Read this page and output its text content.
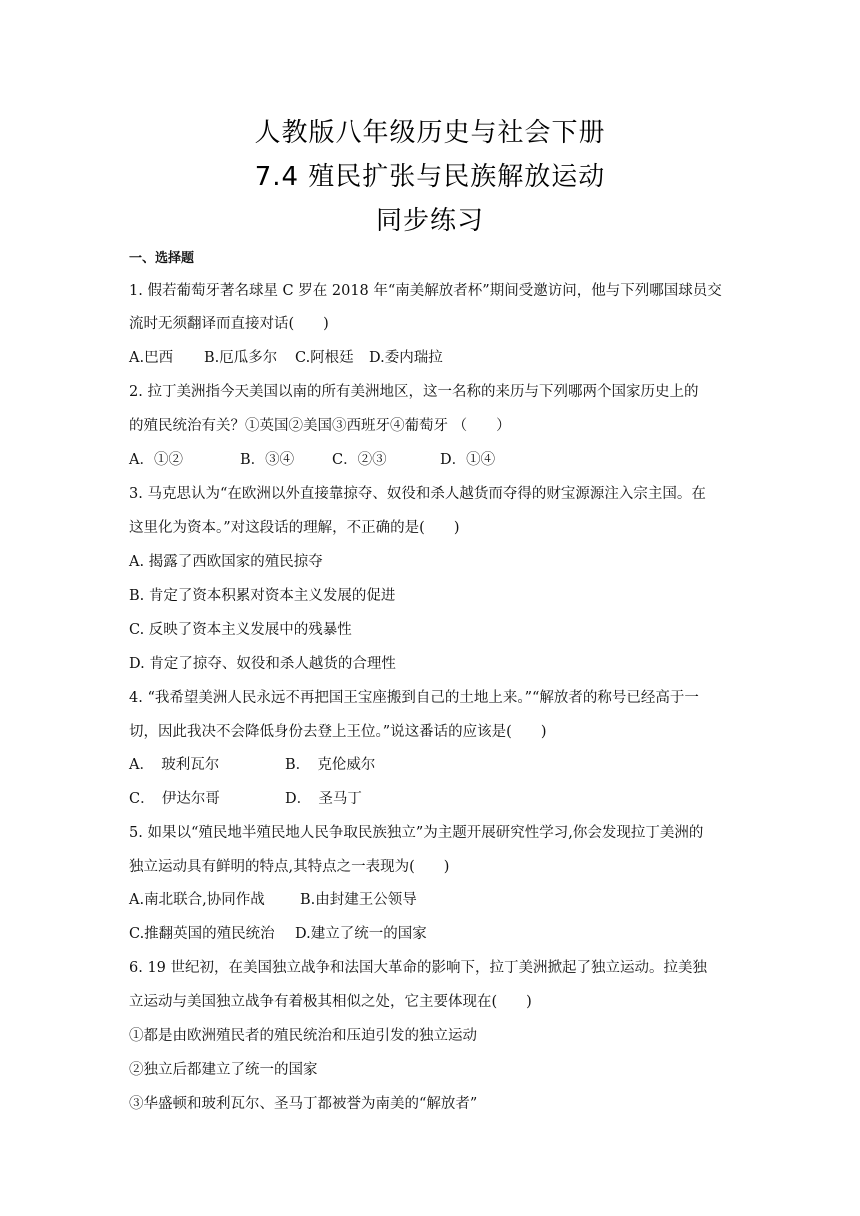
人教版八年级历史与社会下册
7.4 殖民扩张与民族解放运动
同步练习
一、选择题
1. 假若葡萄牙著名球星 C 罗在 2018 年“南美解放者杯”期间受邀访问，他与下列哪国球员交
流时无须翻译而直接对话(　　)
A.巴西 B.厄瓜多尔 C.阿根廷 D.委内瑞拉
2. 拉丁美洲指今天美国以南的所有美洲地区，这一名称的来历与下列哪两个国家历史上的
的殖民统治有关？①英国②美国③西班牙④葡萄牙 （　　）
A．①②	B．③④	C．②③	D．①④
3. 马克思认为“在欧洲以外直接靠掠夺、奴役和杀人越货而夺得的财宝源源注入宗主国。在
这里化为资本。”对这段话的理解，不正确的是(　　)
A. 揭露了西欧国家的殖民掠夺
B. 肯定了资本积累对资本主义发展的促进
C. 反映了资本主义发展中的残暴性
D. 肯定了掠夺、奴役和杀人越货的合理性
4. “我希望美洲人民永远不再把国王宝座搬到自己的土地上来。”“解放者的称号已经高于一
切，因此我决不会降低身份去登上王位。”说这番话的应该是(　　)
A．　玻利瓦尔	B．　克伦威尔
C．　伊达尔哥	D．　圣马丁
5. 如果以“殖民地半殖民地人民争取民族独立”为主题开展研究性学习,你会发现拉丁美洲的
独立运动具有鲜明的特点,其特点之一表现为(　　)
A.南北联合,协同作战 B.由封建王公领导
C.推翻英国的殖民统治 D.建立了统一的国家
6. 19 世纪初，在美国独立战争和法国大革命的影响下，拉丁美洲掀起了独立运动。拉美独
立运动与美国独立战争有着极其相似之处，它主要体现在(　　)
①都是由欧洲殖民者的殖民统治和压迫引发的独立运动
②独立后都建立了统一的国家
③华盛顿和玻利瓦尔、圣马丁都被誉为南美的“解放者”
